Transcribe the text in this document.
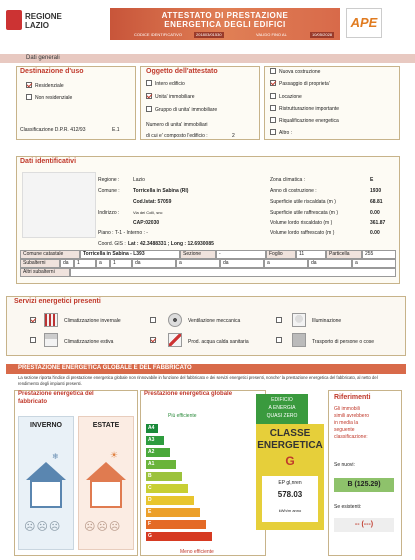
REGIONE
LAZIO
ATTESTATO DI PRESTAZIONE
ENERGETICA DEGLI EDIFICI
CODICE IDENTIFICATIVO	201803/01530	VALIDO FINO AL	10/05/2028
APE
Dati generali
Destinazione d'uso
Residenziale
Non residenziale
Classificazione D.P.R. 412/93	E.1
Oggetto dell'attestato
Intero edificio
Unita' immobiliare
Gruppo di unita' immobiliare
Numero di unita' immobiliari
di cui e' composto l'edificio :	2
Nuova costruzione
Passaggio di proprieta'
Locazione
Ristrutturazione importante
Riqualificazione energetica
Altro :
Dati identificativi
Regione :	Lazio
Comune :	Torricella in Sabina (RI)
Cod.Istat: 57059
Indirizzo :	Via dei Colli, snc
CAP:02030
Piano : T-1 - Interno : -
Coord. GIS : Lat : 42.3488331 ; Long : 12.6930085
Zona climatica :	E
Anno di costruzione :	1930
Superficie utile riscaldata (m )	68.81
Superficie utile raffrescata (m )	0.00
Volume lordo riscaldato (m )	361.87
Volume lordo raffrescato (m )	0.00
Comune catastale	Torricella in Sabina - L393	Sezione	-	Foglio	11	Particella	255
Subalterni	da	1	a	1	da	a	da	a	da	a
Altri subalterni
Servizi energetici presenti
Climatizzazione invernale	Ventilazione meccanica	Illuminazione
Climatizzazione estiva	Prod. acqua calda sanitaria	Trasporto di persone o cose
PRESTAZIONE ENERGETICA GLOBALE E DEL FABBRICATO
La sezione riporta l'indice di prestazione energetica globale non rinnovabile in funzione del fabbricato e dei servizi energetici presenti, nonche' la prestazione energetica del fabbricato, al netto del rendimento degli impianti presenti.
Prestazione energetica del
fabbricato
INVERNO
❄
☹☹☹
ESTATE
☀
☹☹☹
Prestazione energetica globale
Più efficiente
A4
A3
A2
A1
B
C
D
E
F
G
Meno efficiente
EDIFICIO
A ENERGIA
QUASI ZERO
CLASSE
ENERGETICA
G
EP gl,nren
578.03
kWh/m anno
Riferimenti
Gli immobili
simili avrebbero
in media la
seguente
classificazione:
Se nuovi:
B (125.29)
Se esistenti:
-- (---)
